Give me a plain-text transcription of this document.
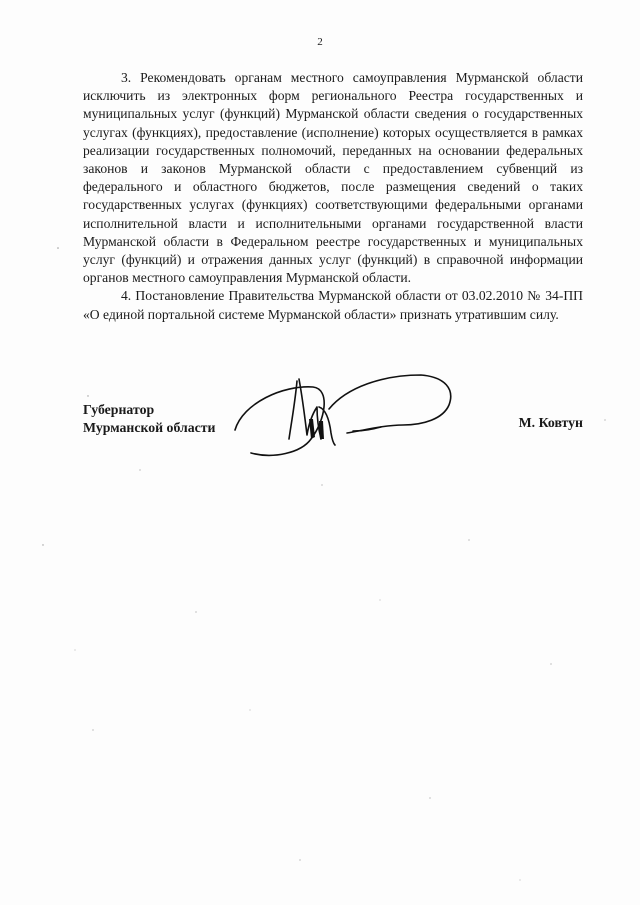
2

3. Рекомендовать органам местного самоуправления Мурманской области исключить из электронных форм регионального Реестра государственных и муниципальных услуг (функций) Мурманской области сведения о государственных услугах (функциях), предоставление (исполнение) которых осуществляется в рамках реализации государственных полномочий, переданных на основании федеральных законов и законов Мурманской области с предоставлением субвенций из федерального и областного бюджетов, после размещения сведений о таких государственных услугах (функциях) соответствующими федеральными органами исполнительной власти и исполнительными органами государственной власти Мурманской области в Федеральном реестре государственных и муниципальных услуг (функций) и отражения данных услуг (функций) в справочной информации органов местного самоуправления Мурманской области.

4. Постановление Правительства Мурманской области от 03.02.2010 № 34-ПП «О единой портальной системе Мурманской области» признать утратившим силу.

Губернатор
Мурманской области	М. Ковтун
